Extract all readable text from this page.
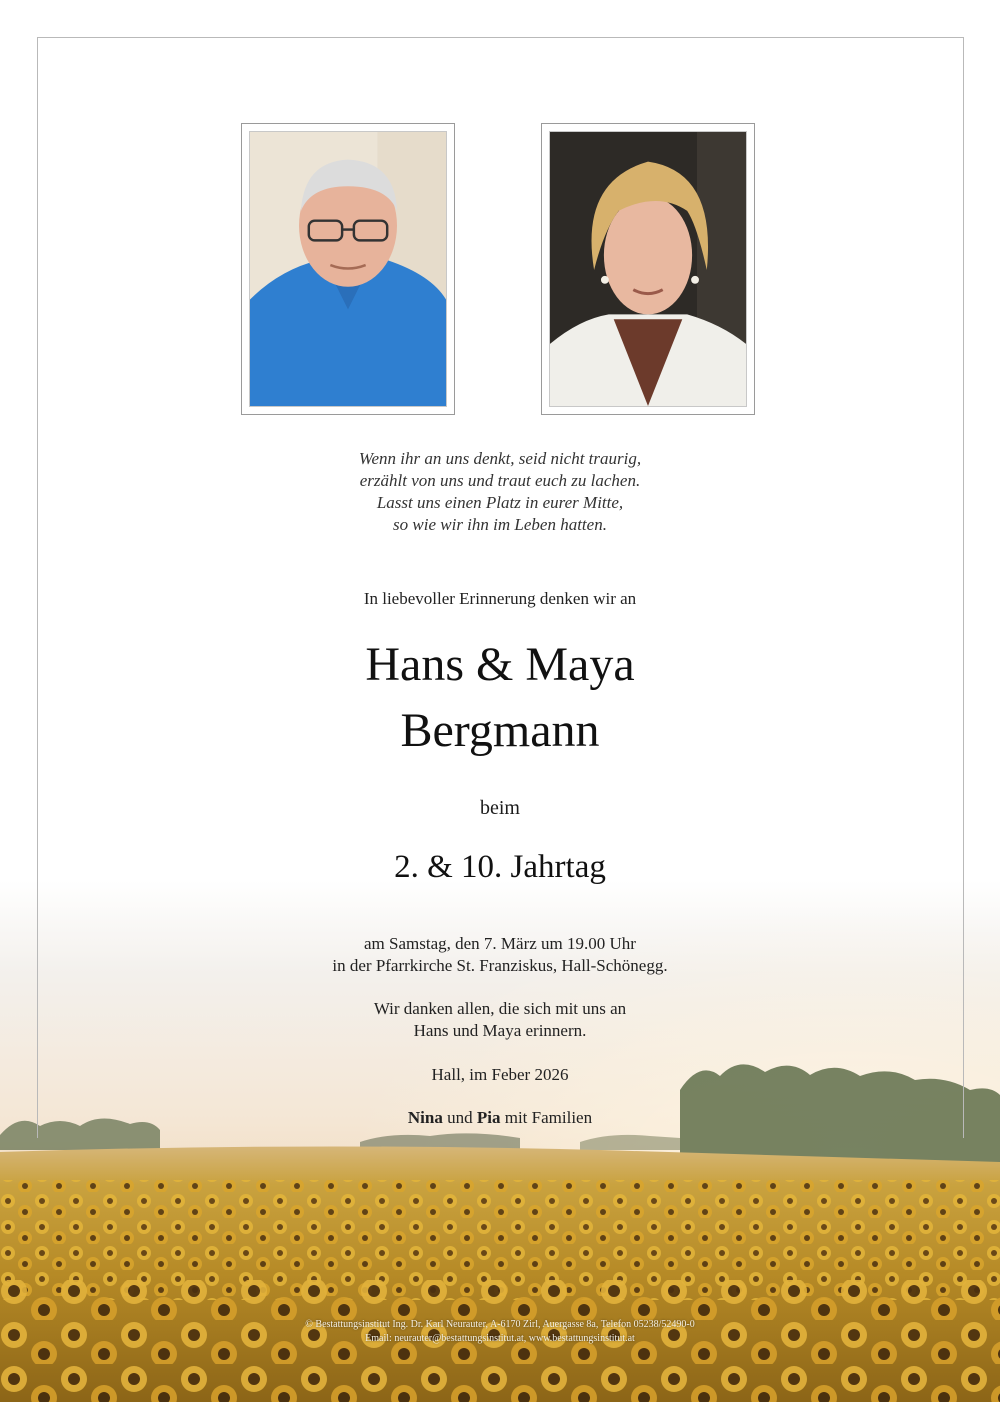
Wenn ihr an uns denkt, seid nicht traurig,
erzählt von uns und traut euch zu lachen.
Lasst uns einen Platz in eurer Mitte,
so wie wir ihn im Leben hatten.
In liebevoller Erinnerung denken wir an
Hans & Maya
Bergmann
beim
2. & 10. Jahrtag
am Samstag, den 7. März um 19.00 Uhr
in der Pfarrkirche St. Franziskus, Hall-Schönegg.
Wir danken allen, die sich mit uns an
Hans und Maya erinnern.
Hall, im Feber 2026
Nina und Pia mit Familien
© Bestattungsinstitut Ing. Dr. Karl Neurauter, A-6170 Zirl, Auergasse 8a, Telefon 05238/52490-0
Email: neurauter@bestattungsinstitut.at, www.bestattungsinstitut.at
